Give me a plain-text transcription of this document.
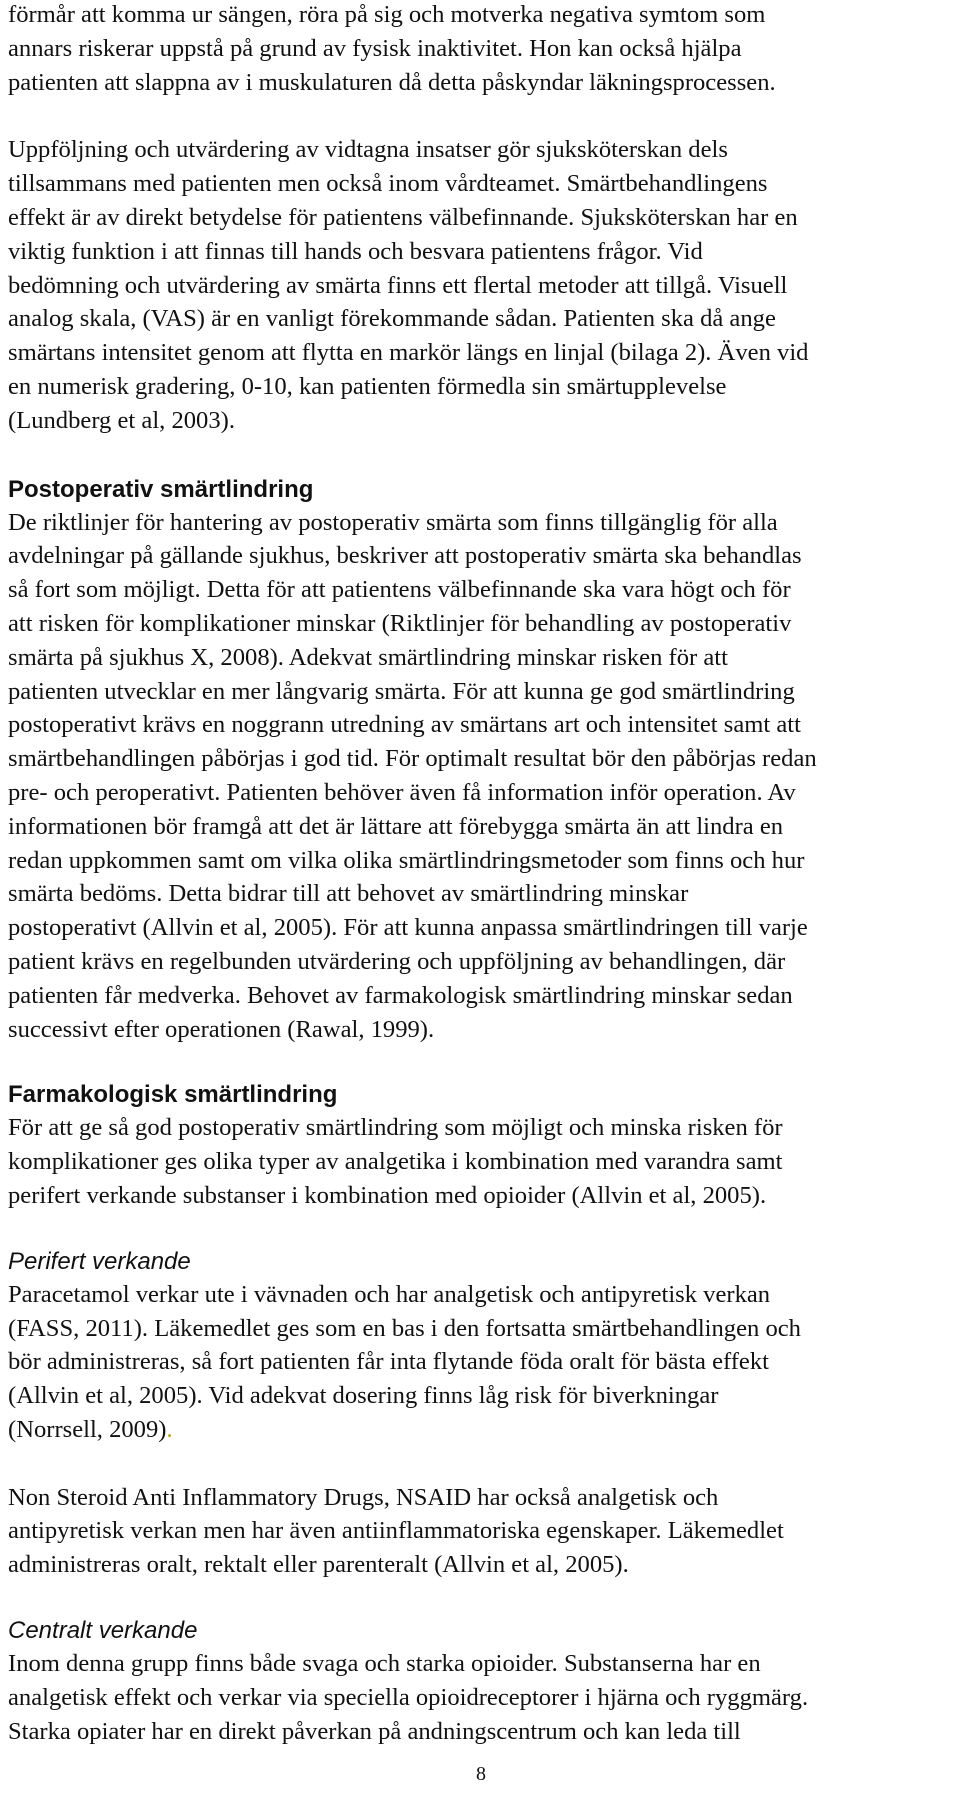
förmår att komma ur sängen, röra på sig och motverka negativa symtom som
annars riskerar uppstå på grund av fysisk inaktivitet. Hon kan också hjälpa
patienten att slappna av i muskulaturen då detta påskyndar läkningsprocessen.

Uppföljning och utvärdering av vidtagna insatser gör sjuksköterskan dels
tillsammans med patienten men också inom vårdteamet. Smärtbehandlingens
effekt är av direkt betydelse för patientens välbefinnande. Sjuksköterskan har en
viktig funktion i att finnas till hands och besvara patientens frågor. Vid
bedömning och utvärdering av smärta finns ett flertal metoder att tillgå. Visuell
analog skala, (VAS) är en vanligt förekommande sådan. Patienten ska då ange
smärtans intensitet genom att flytta en markör längs en linjal (bilaga 2). Även vid
en numerisk gradering, 0-10, kan patienten förmedla sin smärtupplevelse
(Lundberg et al, 2003).

Postoperativ smärtlindring

De riktlinjer för hantering av postoperativ smärta som finns tillgänglig för alla
avdelningar på gällande sjukhus, beskriver att postoperativ smärta ska behandlas
så fort som möjligt. Detta för att patientens välbefinnande ska vara högt och för
att risken för komplikationer minskar (Riktlinjer för behandling av postoperativ
smärta på sjukhus X, 2008). Adekvat smärtlindring minskar risken för att
patienten utvecklar en mer långvarig smärta. För att kunna ge god smärtlindring
postoperativt krävs en noggrann utredning av smärtans art och intensitet samt att
smärtbehandlingen påbörjas i god tid. För optimalt resultat bör den påbörjas redan
pre- och peroperativt. Patienten behöver även få information inför operation. Av
informationen bör framgå att det är lättare att förebygga smärta än att lindra en
redan uppkommen samt om vilka olika smärtlindringsmetoder som finns och hur
smärta bedöms. Detta bidrar till att behovet av smärtlindring minskar
postoperativt (Allvin et al, 2005). För att kunna anpassa smärtlindringen till varje
patient krävs en regelbunden utvärdering och uppföljning av behandlingen, där
patienten får medverka. Behovet av farmakologisk smärtlindring minskar sedan
successivt efter operationen (Rawal, 1999).

Farmakologisk smärtlindring

För att ge så god postoperativ smärtlindring som möjligt och minska risken för
komplikationer ges olika typer av analgetika i kombination med varandra samt
perifert verkande substanser i kombination med opioider (Allvin et al, 2005).

Perifert verkande

Paracetamol verkar ute i vävnaden och har analgetisk och antipyretisk verkan
(FASS, 2011). Läkemedlet ges som en bas i den fortsatta smärtbehandlingen och
bör administreras, så fort patienten får inta flytande föda oralt för bästa effekt
(Allvin et al, 2005). Vid adekvat dosering finns låg risk för biverkningar
(Norrsell, 2009).

Non Steroid Anti Inflammatory Drugs, NSAID har också analgetisk och
antipyretisk verkan men har även antiinflammatoriska egenskaper. Läkemedlet
administreras oralt, rektalt eller parenteralt (Allvin et al, 2005).

Centralt verkande

Inom denna grupp finns både svaga och starka opioider. Substanserna har en
analgetisk effekt och verkar via speciella opioidreceptorer i hjärna och ryggmärg.
Starka opiater har en direkt påverkan på andningscentrum och kan leda till

8
